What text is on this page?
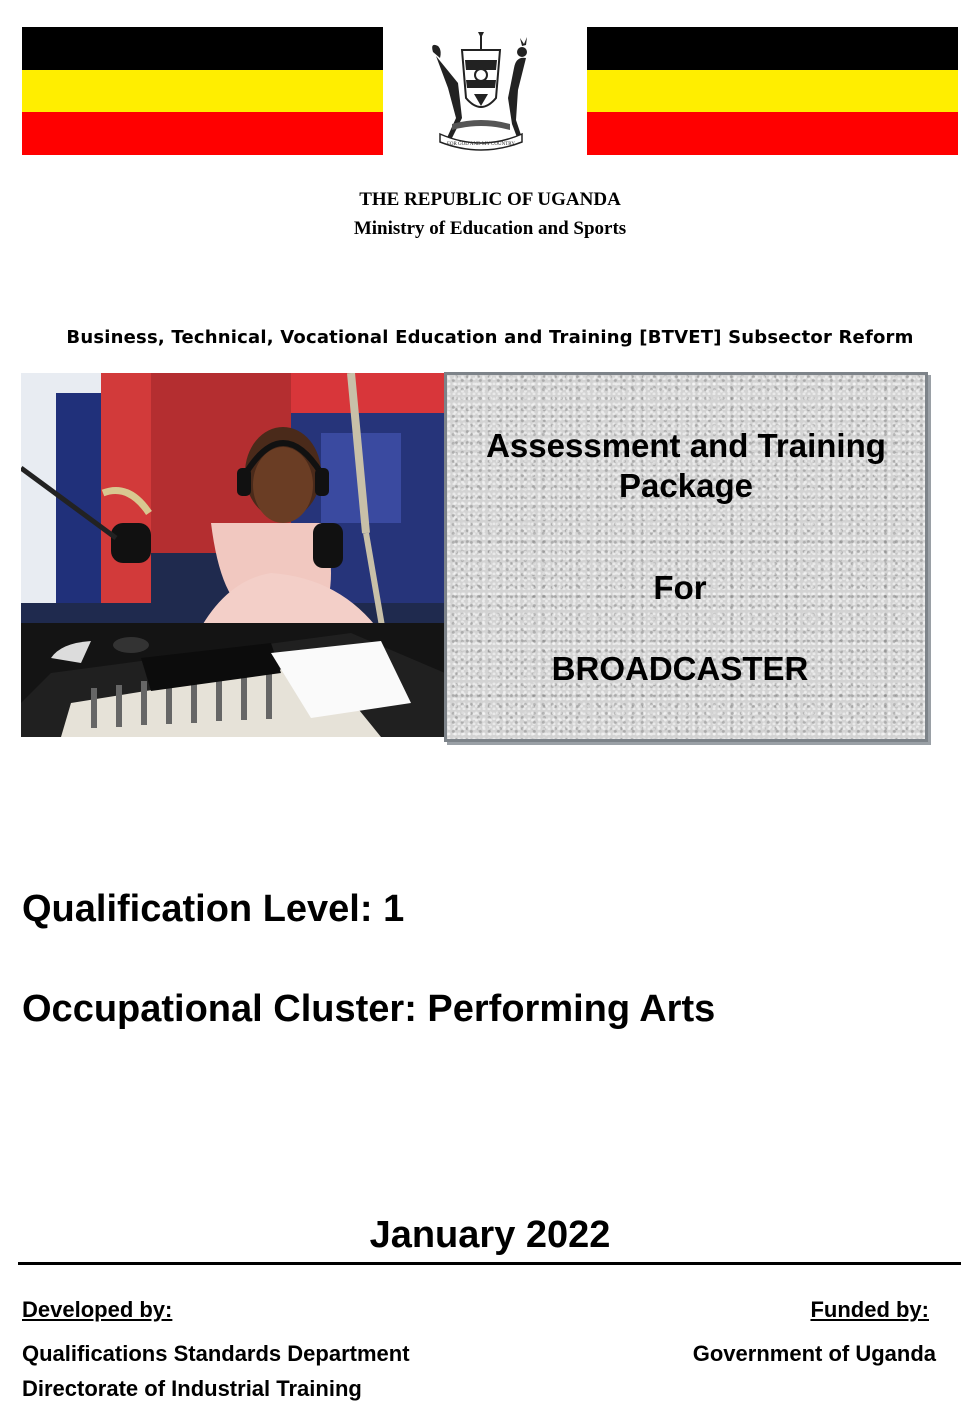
FOR GOD AND MY COUNTRY
THE REPUBLIC OF UGANDA
Ministry of Education and Sports
Business, Technical, Vocational Education and Training [BTVET] Subsector Reform
Assessment and Training
Package
For
BROADCASTER
Qualification Level: 1
Occupational Cluster: Performing Arts
January 2022
Developed by:	Funded by:
Qualifications Standards Department
Directorate of Industrial Training
Government of Uganda
